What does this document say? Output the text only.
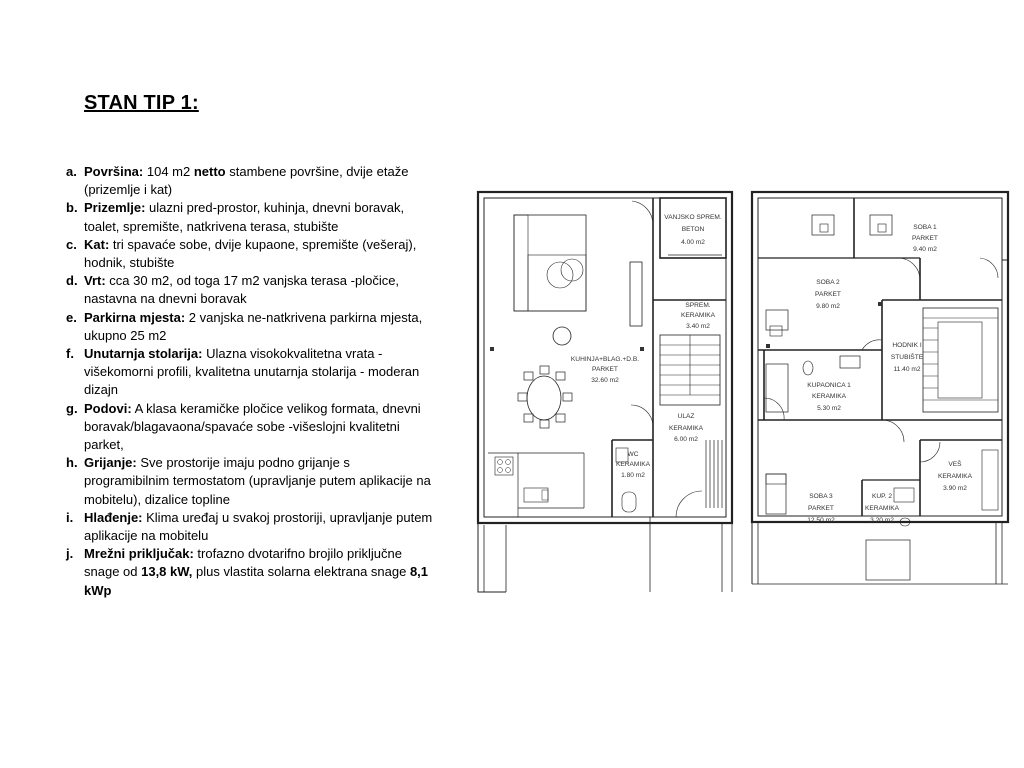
STAN TIP 1:
a. Površina: 104 m2 netto stambene površine, dvije etaže (prizemlje i kat)
b. Prizemlje: ulazni pred-prostor, kuhinja, dnevni boravak, toalet, spremište, natkrivena terasa, stubište
c. Kat: tri spavaće sobe, dvije kupaone, spremište (vešeraj), hodnik, stubište
d. Vrt: cca 30 m2, od toga 17 m2 vanjska terasa -pločice, nastavna na dnevni boravak
e. Parkirna mjesta: 2 vanjska ne-natkrivena parkirna mjesta, ukupno 25 m2
f. Unutarnja stolarija: Ulazna visokokvalitetna vrata - višekomorni profili, kvalitetna unutarnja stolarija - moderan dizajn
g. Podovi: A klasa keramičke pločice velikog formata, dnevni boravak/blagavaona/spavaće sobe -višeslojni kvalitetni parket,
h. Grijanje: Sve prostorije imaju podno grijanje s programibilnim termostatom (upravljanje putem aplikacije na mobitelu), dizalice topline
i. Hlađenje: Klima uređaj u svakoj prostoriji, upravljanje putem aplikacije na mobitelu
j. Mrežni priključak: trofazno dvotarifno brojilo priključne snage od 13,8 kW, plus vlastita solarna elektrana snage 8,1 kWp
VANJSKO SPREM.
BETON
4.00 m2
SPREM.
KERAMIKA
3.40 m2
KUHINJA+BLAG.+D.B.
PARKET
32.60 m2
ULAZ
KERAMIKA
6.00 m2
WC
KERAMIKA
1.80 m2
SOBA 1
PARKET
9.40 m2
SOBA 2
PARKET
9.80 m2
HODNIK I
STUBIŠTE
11.40 m2
KUPAONICA 1
KERAMIKA
5.30 m2
VEŠ
KERAMIKA
3.90 m2
SOBA 3
PARKET
12.50 m2
KUP. 2
KERAMIKA
3.20 m2
